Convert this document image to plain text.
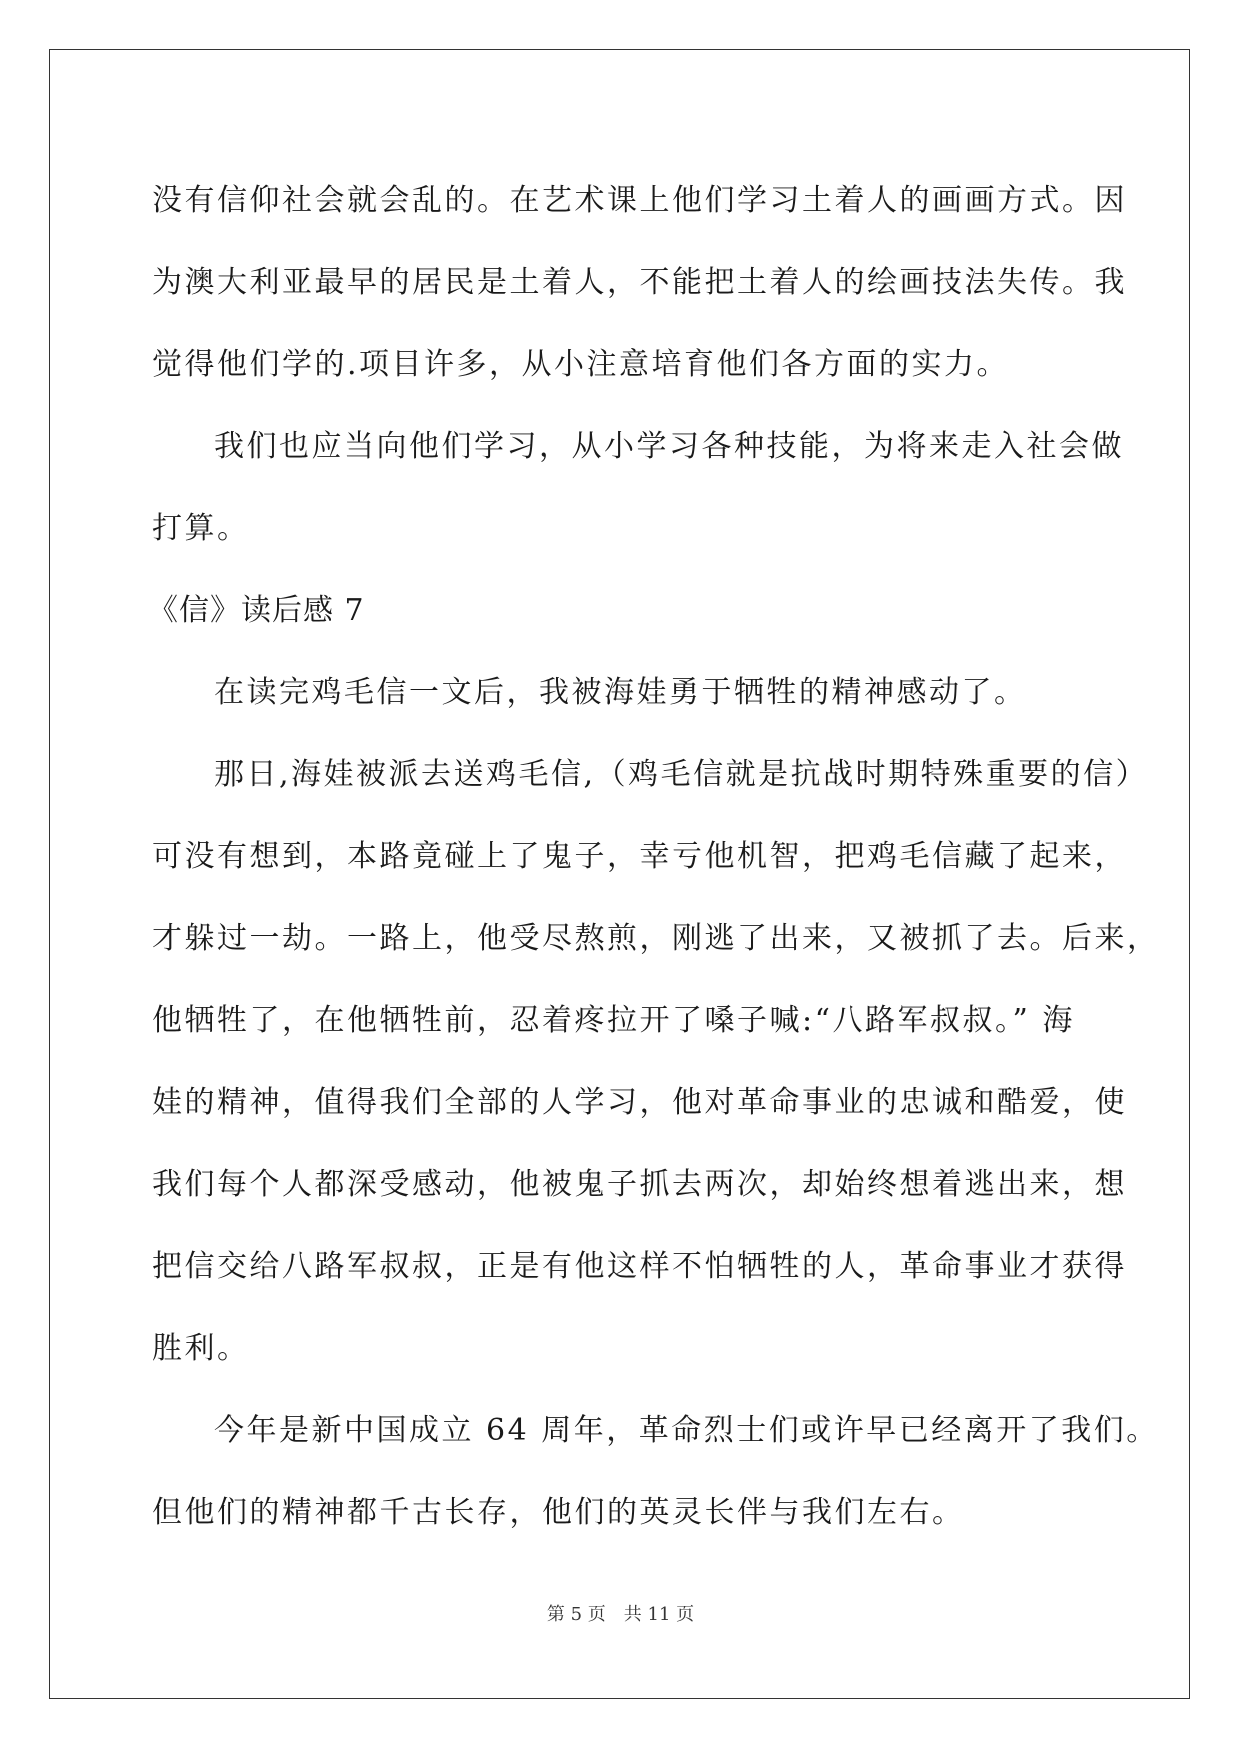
没有信仰社会就会乱的。在艺术课上他们学习土着人的画画方式。因

为澳大利亚最早的居民是土着人，不能把土着人的绘画技法失传。我

觉得他们学的.项目许多，从小注意培育他们各方面的实力。

我们也应当向他们学习，从小学习各种技能，为将来走入社会做

打算。

《信》读后感 7

在读完鸡毛信一文后，我被海娃勇于牺牲的精神感动了。

那日,海娃被派去送鸡毛信,（鸡毛信就是抗战时期特殊重要的信）

可没有想到，本路竟碰上了鬼子，幸亏他机智，把鸡毛信藏了起来，

才躲过一劫。一路上，他受尽熬煎，刚逃了出来，又被抓了去。后来，

他牺牲了，在他牺牲前，忍着疼拉开了嗓子喊:“八路军叔叔。” 海

娃的精神，值得我们全部的人学习，他对革命事业的忠诚和酷爱，使

我们每个人都深受感动，他被鬼子抓去两次，却始终想着逃出来，想

把信交给八路军叔叔，正是有他这样不怕牺牲的人，革命事业才获得

胜利。

今年是新中国成立 64 周年，革命烈士们或许早已经离开了我们。

但他们的精神都千古长存，他们的英灵长伴与我们左右。

第 5 页 共 11 页
